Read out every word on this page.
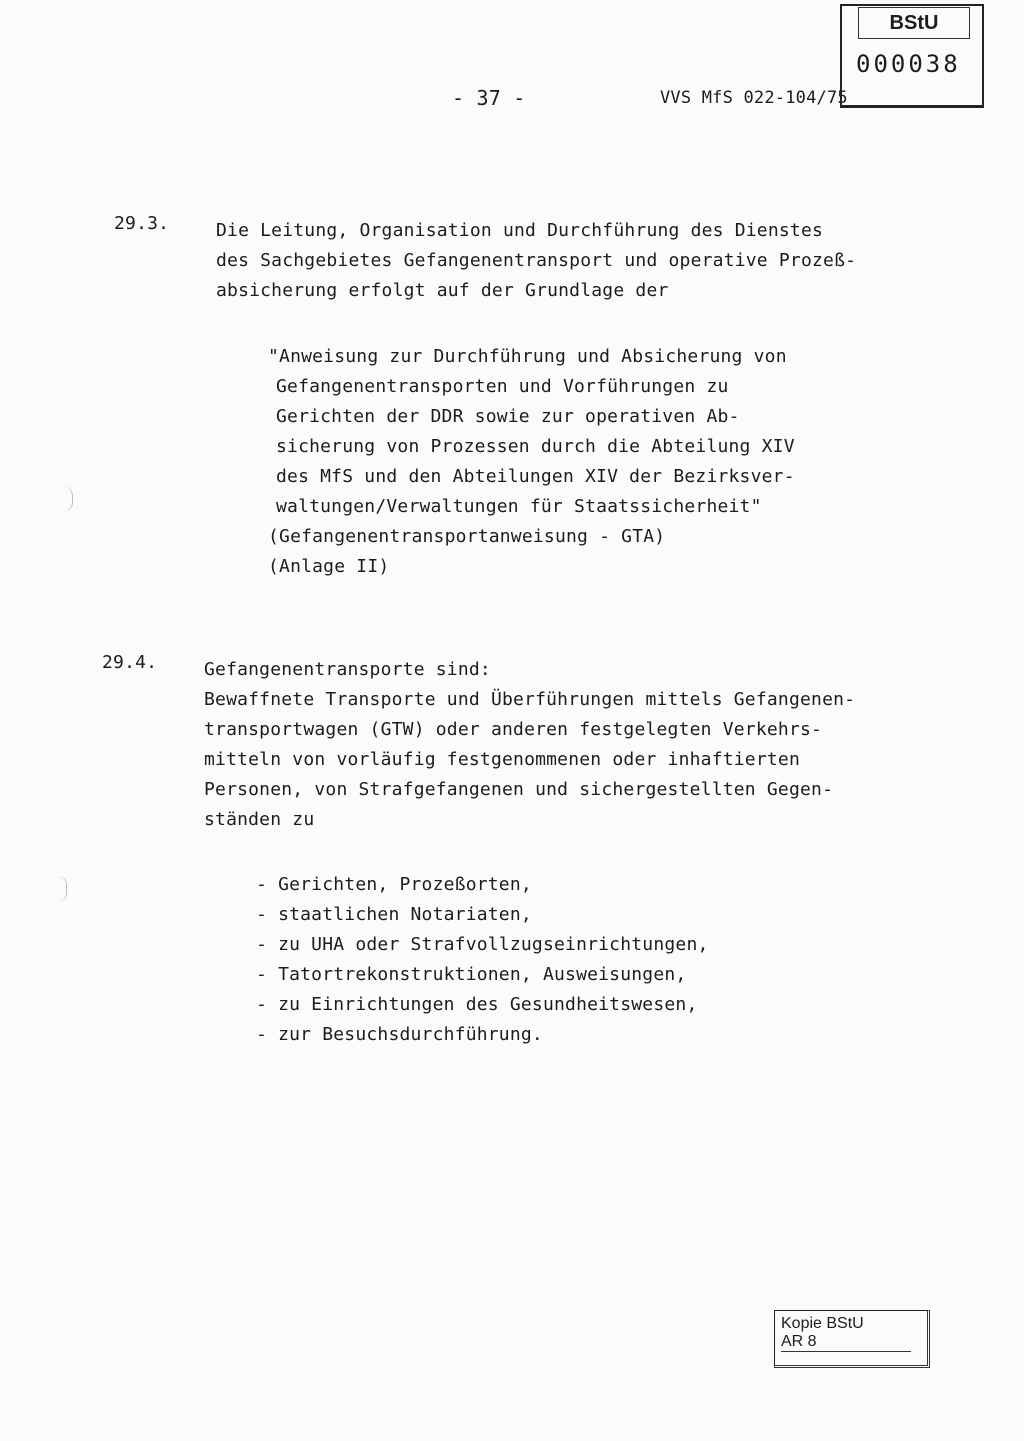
- 37 -	VVS MfS 022-104/75
BStU
000038
29.3.	Die Leitung, Organisation und Durchführung des Dienstes
des Sachgebietes Gefangenentransport und operative Prozeß-
absicherung erfolgt auf der Grundlage der
"Anweisung zur Durchführung und Absicherung von
Gefangenentransporten und Vorführungen zu
Gerichten der DDR sowie zur operativen Ab-
sicherung von Prozessen durch die Abteilung XIV
des MfS und den Abteilungen XIV der Bezirksver-
waltungen/Verwaltungen für Staatssicherheit"
(Gefangenentransportanweisung - GTA)
(Anlage II)
29.4.	Gefangenentransporte sind:
Bewaffnete Transporte und Überführungen mittels Gefangenen-
transportwagen (GTW) oder anderen festgelegten Verkehrs-
mitteln von vorläufig festgenommenen oder inhaftierten
Personen, von Strafgefangenen und sichergestellten Gegen-
ständen zu
- Gerichten, Prozeßorten,
- staatlichen Notariaten,
- zu UHA oder Strafvollzugseinrichtungen,
- Tatortrekonstruktionen, Ausweisungen,
- zu Einrichtungen des Gesundheitswesen,
- zur Besuchsdurchführung.
Kopie BStU
AR 8
